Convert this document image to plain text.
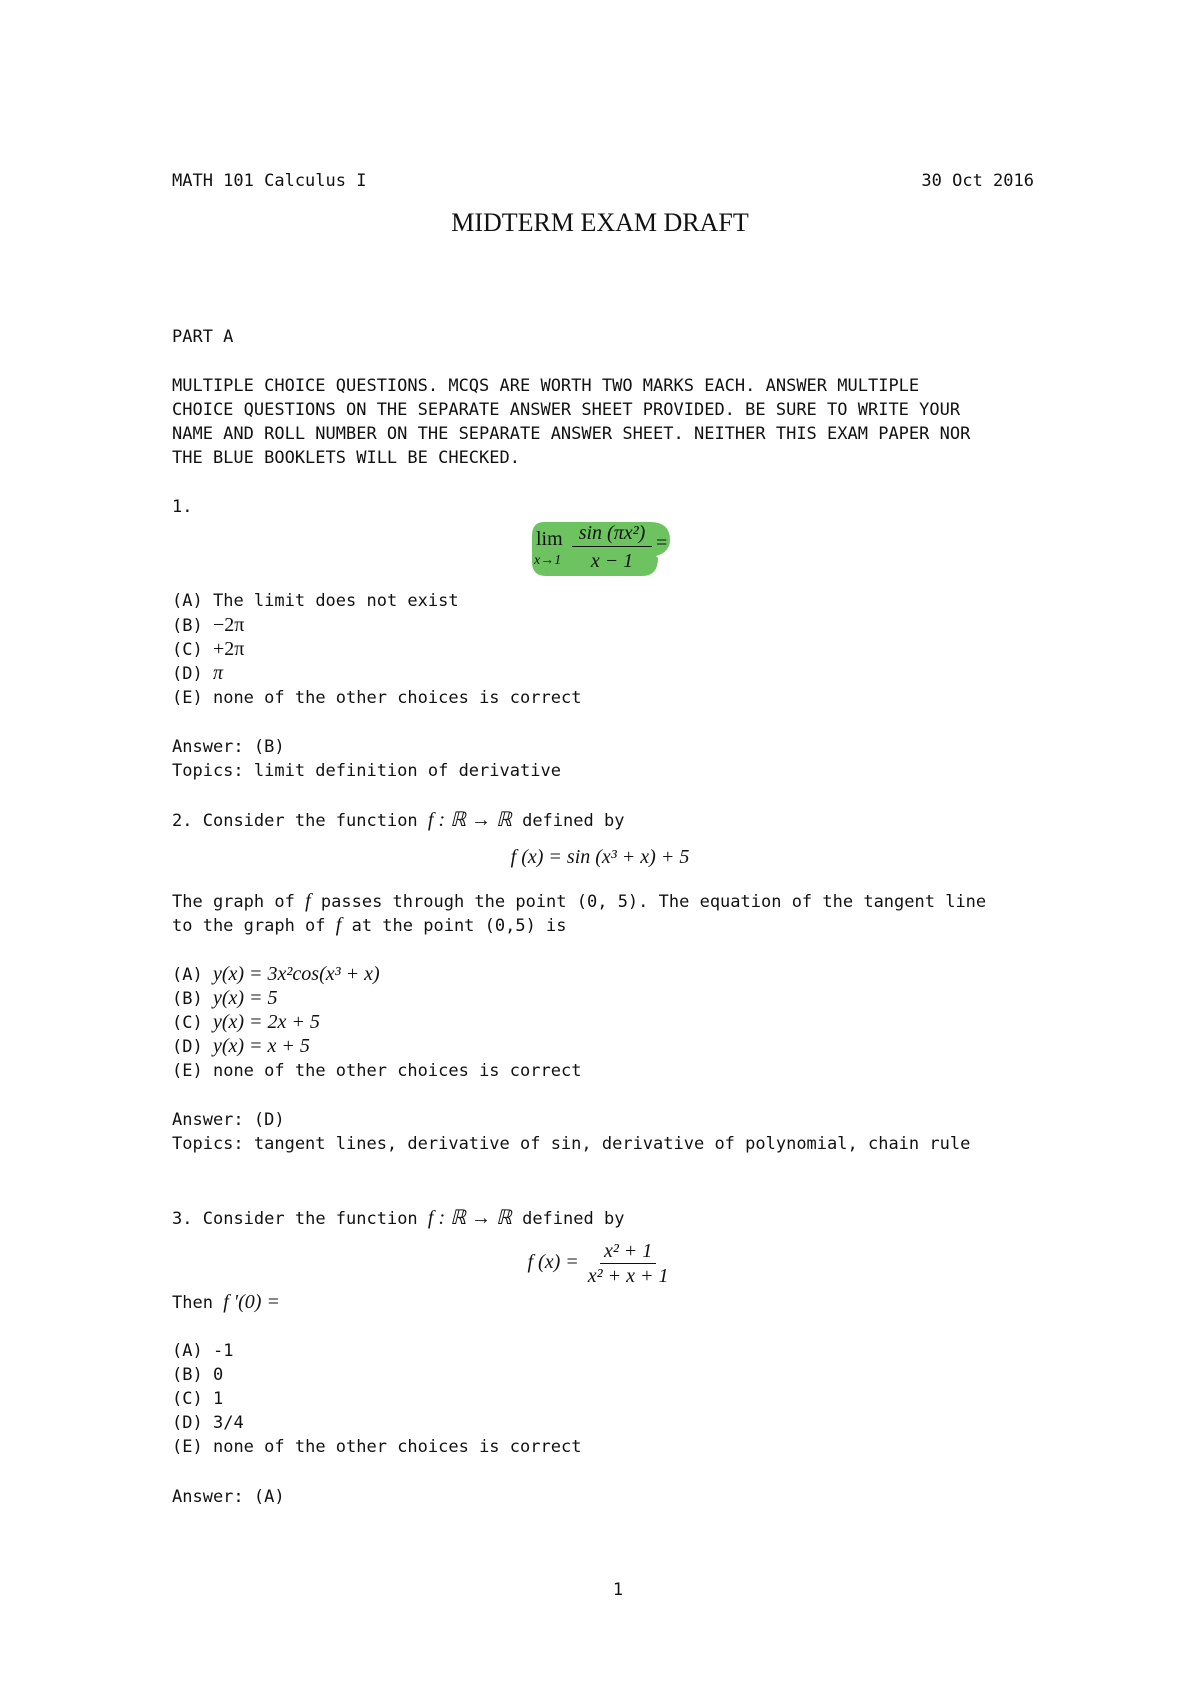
MATH 101 Calculus I	30 Oct 2016
MIDTERM EXAM DRAFT
PART A
MULTIPLE CHOICE QUESTIONS. MCQS ARE WORTH TWO MARKS EACH. ANSWER MULTIPLE
CHOICE QUESTIONS ON THE SEPARATE ANSWER SHEET PROVIDED. BE SURE TO WRITE YOUR
NAME AND ROLL NUMBER ON THE SEPARATE ANSWER SHEET. NEITHER THIS EXAM PAPER NOR
THE BLUE BOOKLETS WILL BE CHECKED.
1.
lim
x→1
sin (πx²)
x − 1
=
(A) The limit does not exist
(B) −2π
(C) +2π
(D) π
(E) none of the other choices is correct
Answer: (B)
Topics: limit definition of derivative
2. Consider the function f : ℝ → ℝ defined by
f (x) = sin (x³ + x) + 5
The graph of f passes through the point (0, 5). The equation of the tangent line
to the graph of f at the point (0,5) is
(A) y(x) = 3x²cos(x³ + x)
(B) y(x) = 5
(C) y(x) = 2x + 5
(D) y(x) = x + 5
(E) none of the other choices is correct
Answer: (D)
Topics: tangent lines, derivative of sin, derivative of polynomial, chain rule
3. Consider the function f : ℝ → ℝ defined by
f $(x) = \frac{\text{x² + 1}}{\text{x² + x + 1}}$
Then f ′(0) =
(A) -1
(B) 0
(C) 1
(D) 3/4
(E) none of the other choices is correct
Answer: (A)
1
